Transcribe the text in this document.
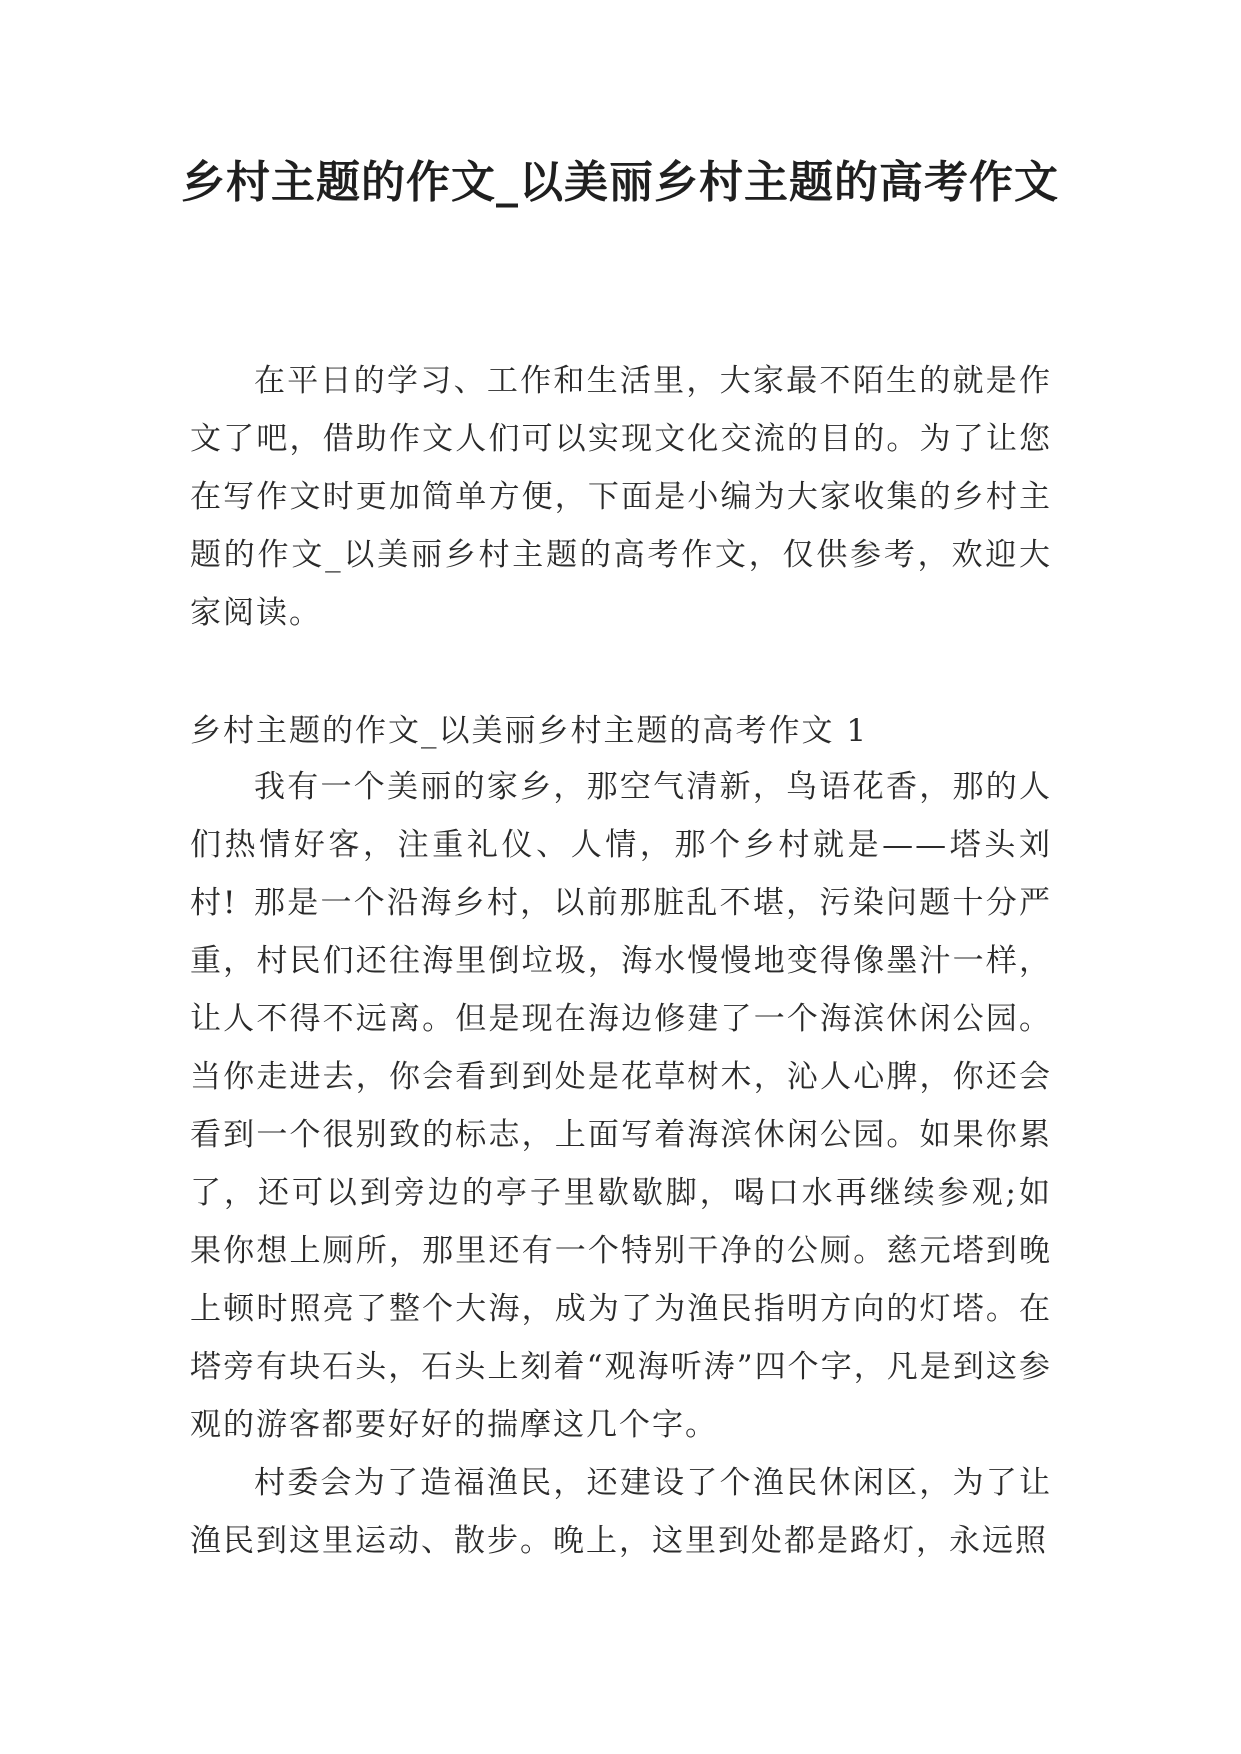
乡村主题的作文_以美丽乡村主题的高考作文

在平日的学习、工作和生活里，大家最不陌生的就是作文了吧，借助作文人们可以实现文化交流的目的。为了让您在写作文时更加简单方便，下面是小编为大家收集的乡村主题的作文_以美丽乡村主题的高考作文，仅供参考，欢迎大家阅读。

乡村主题的作文_以美丽乡村主题的高考作文 1

我有一个美丽的家乡，那空气清新，鸟语花香，那的人们热情好客，注重礼仪、人情，那个乡村就是——塔头刘村! 那是一个沿海乡村，以前那脏乱不堪，污染问题十分严重，村民们还往海里倒垃圾，海水慢慢地变得像墨汁一样，让人不得不远离。但是现在海边修建了一个海滨休闲公园。当你走进去，你会看到到处是花草树木，沁人心脾，你还会看到一个很别致的标志，上面写着海滨休闲公园。如果你累了，还可以到旁边的亭子里歇歇脚，喝口水再继续参观;如果你想上厕所，那里还有一个特别干净的公厕。慈元塔到晚上顿时照亮了整个大海，成为了为渔民指明方向的灯塔。在塔旁有块石头，石头上刻着“观海听涛”四个字，凡是到这参观的游客都要好好的揣摩这几个字。

村委会为了造福渔民，还建设了个渔民休闲区，为了让渔民到这里运动、散步。晚上，这里到处都是路灯，永远照
